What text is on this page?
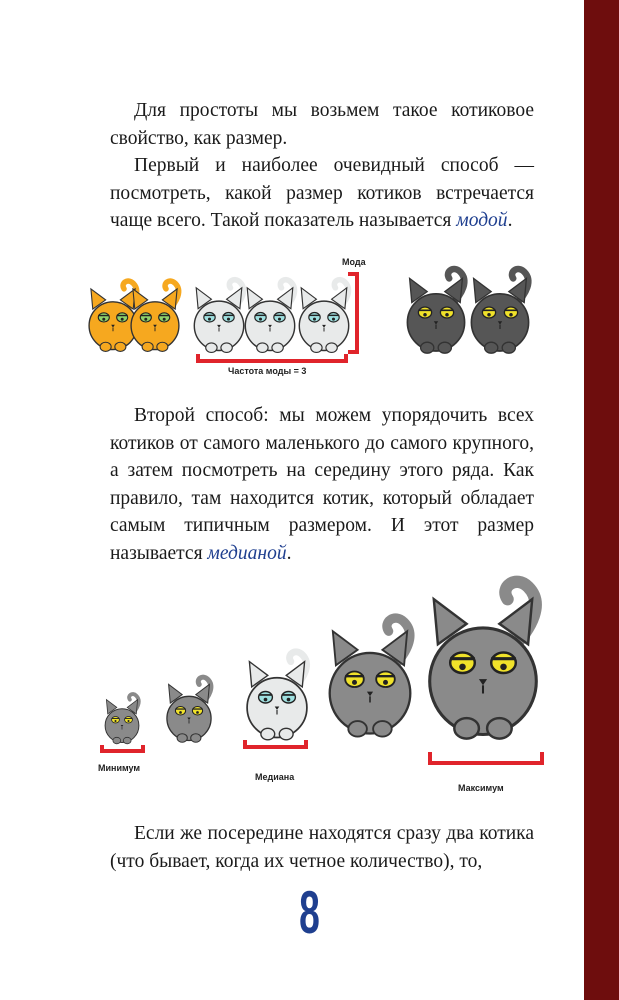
Для простоты мы возьмем такое котиковое свойство, как размер.

Первый и наиболее очевидный способ — посмотреть, какой размер котиков встречается чаще всего. Такой показатель называется модой.

Мода
Частота моды = 3

Второй способ: мы можем упорядочить всех котиков от самого маленького до самого крупного, а затем посмотреть на середину этого ряда. Как правило, там находится котик, который обладает самым типичным размером. И этот размер называется медианой.

Минимум
Медиана
Максимум

Если же посередине находятся сразу два котика (что бывает, когда их четное количество), то,

8
